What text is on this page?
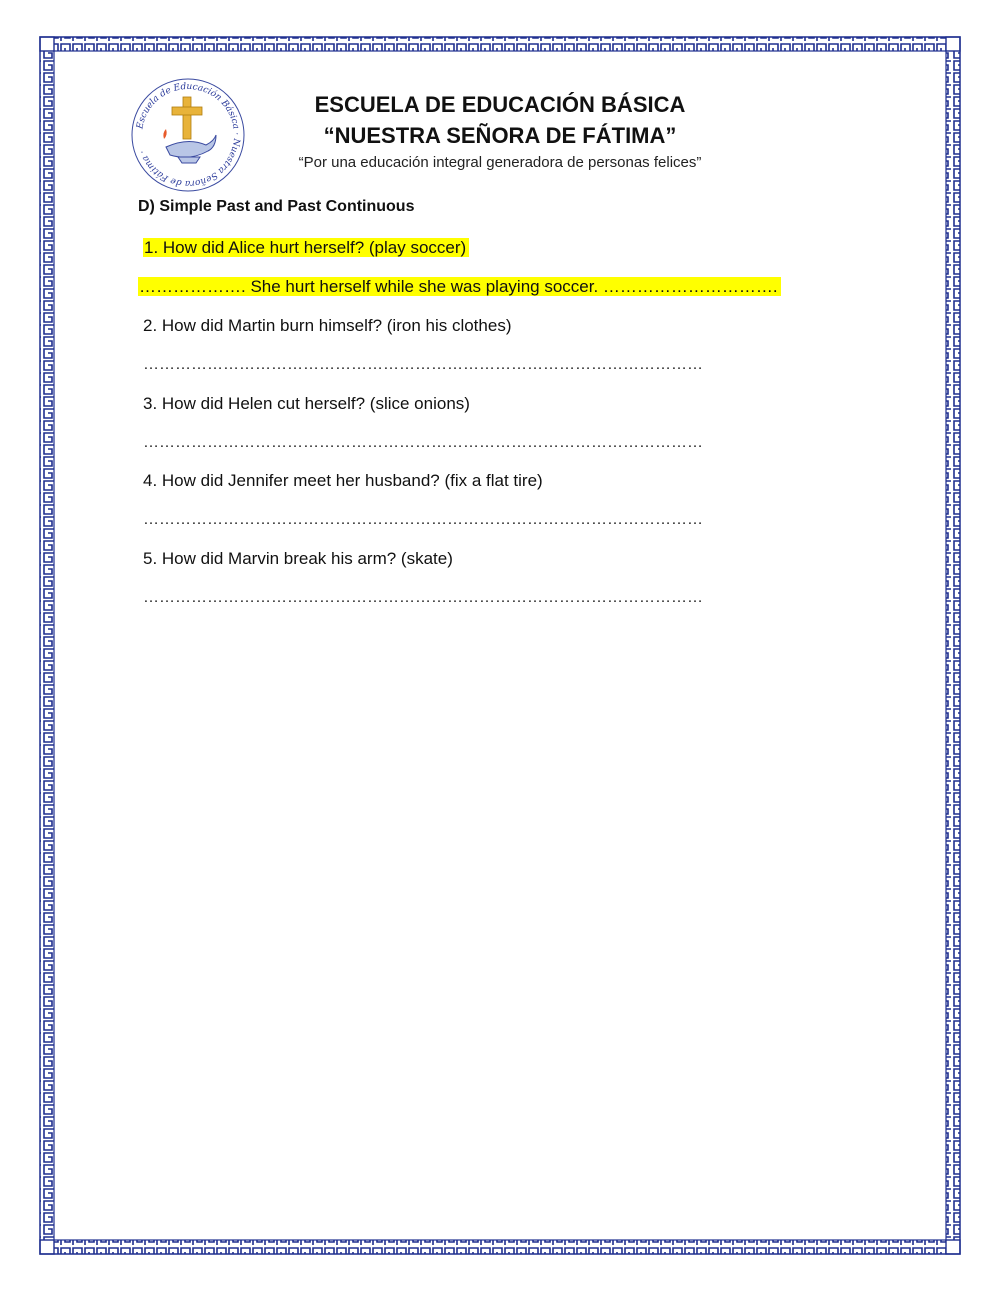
Escuela de Educación Básica · Nuestra Señora de Fátima ·
ESCUELA DE EDUCACIÓN BÁSICA
“NUESTRA SEÑORA DE FÁTIMA”
“Por una educación integral generadora de personas felices”
D) Simple Past and Past Continuous
1. How did Alice hurt herself? (play soccer)
………………. She hurt herself while she was playing soccer. ………………………….
2. How did Martin burn himself? (iron his clothes)
……………………………………………………………………………………………
3. How did Helen cut herself? (slice onions)
……………………………………………………………………………………………
4. How did Jennifer meet her husband? (fix a flat tire)
……………………………………………………………………………………………
5. How did Marvin break his arm? (skate)
……………………………………………………………………………………………
